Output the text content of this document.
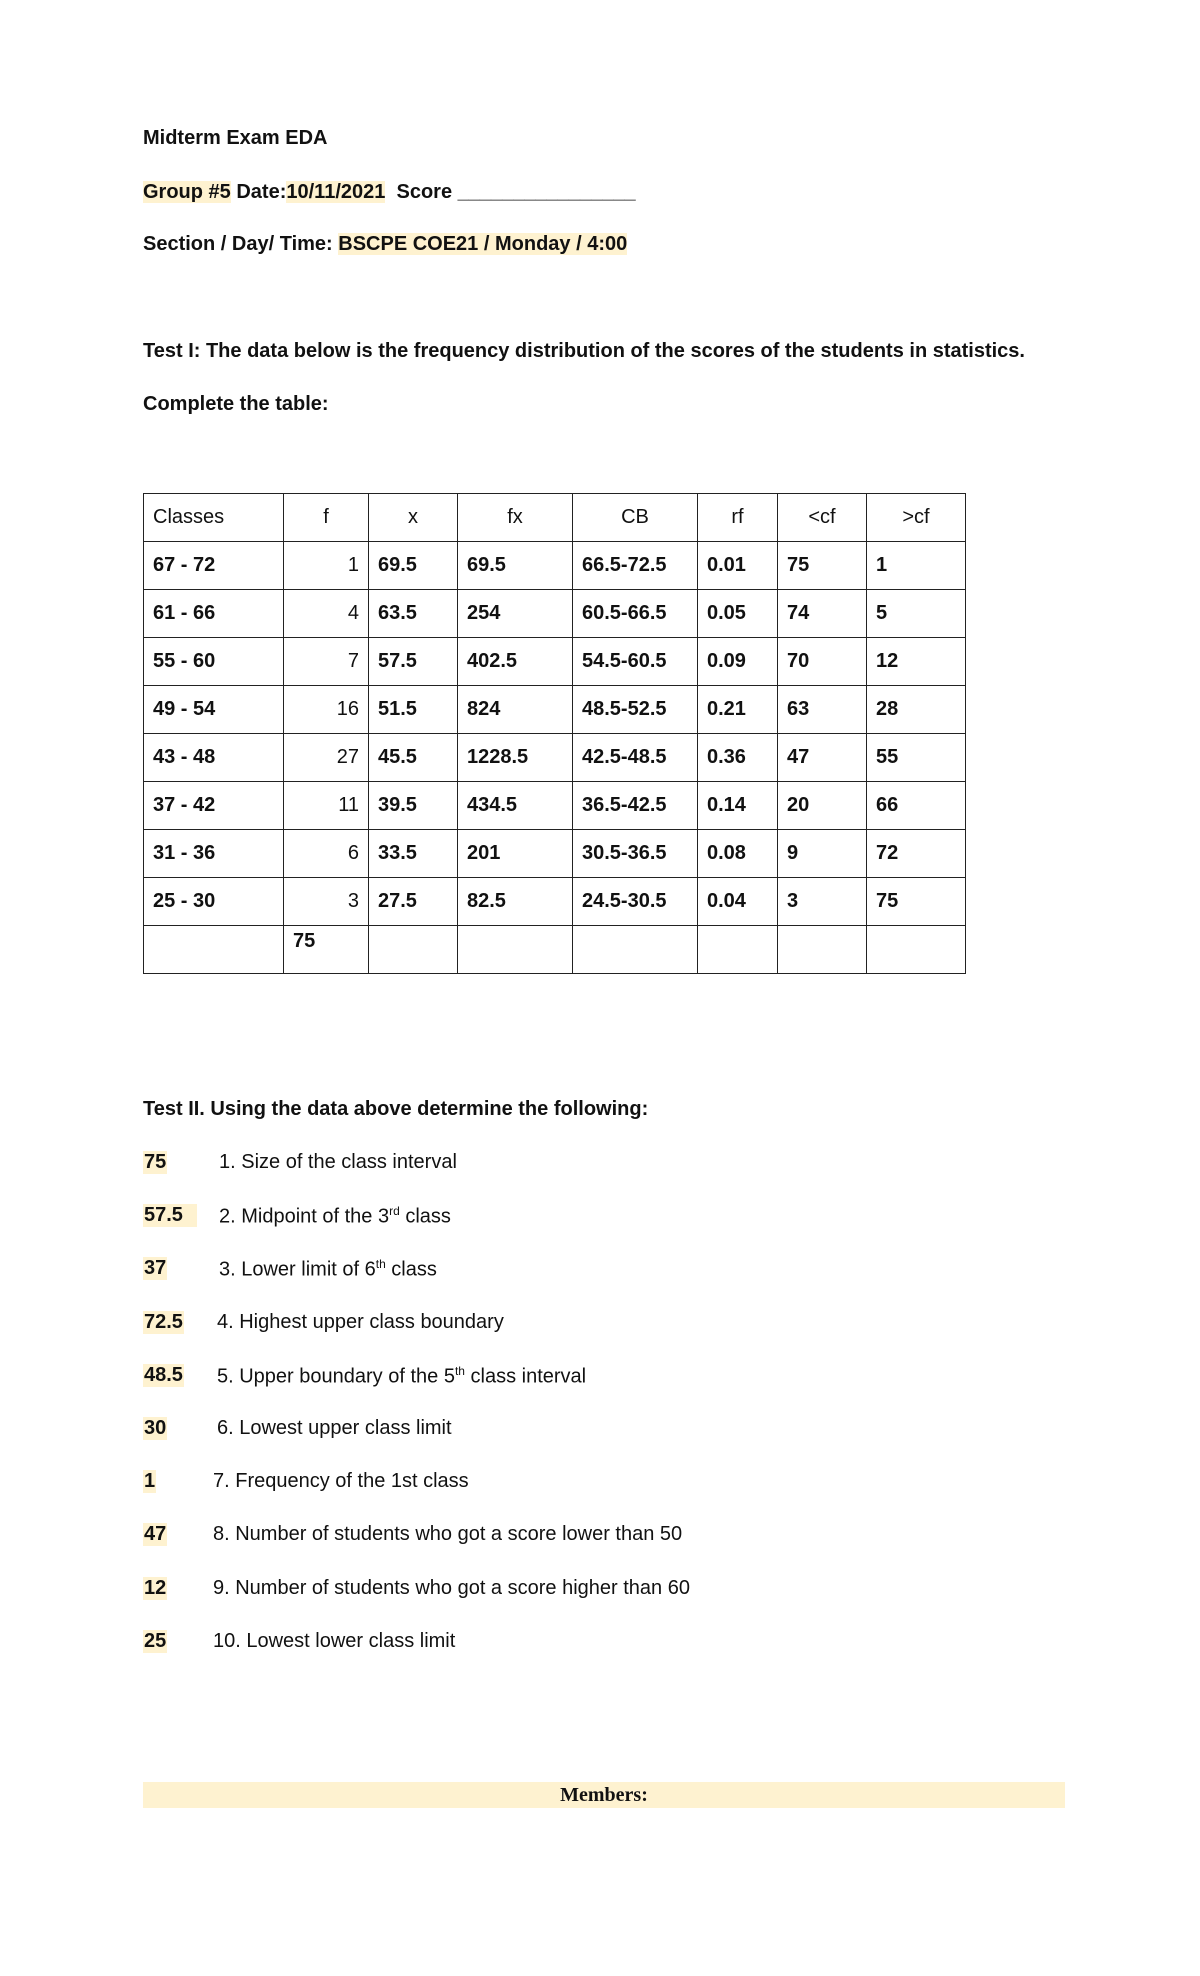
Midterm Exam EDA
Group #5 Date:10/11/2021 Score ________________
Section / Day/ Time: BSCPE COE21 / Monday / 4:00
Test I: The data below is the frequency distribution of the scores of the students in statistics.
Complete the table:
Classes	f	x	fx	CB	rf	<cf	>cf
67 - 72	1	69.5	69.5	66.5-72.5	0.01	75	1
61 - 66	4	63.5	254	60.5-66.5	0.05	74	5
55 - 60	7	57.5	402.5	54.5-60.5	0.09	70	12
49 - 54	16	51.5	824	48.5-52.5	0.21	63	28
43 - 48	27	45.5	1228.5	42.5-48.5	0.36	47	55
37 - 42	11	39.5	434.5	36.5-42.5	0.14	20	66
31 - 36	6	33.5	201	30.5-36.5	0.08	9	72
25 - 30	3	27.5	82.5	24.5-30.5	0.04	3	75
	75						
Test II. Using the data above determine the following:
75	1. Size of the class interval
57.5	2. Midpoint of the 3rd class
37	3. Lower limit of 6th class
72.5 4. Highest upper class boundary
48.5 5. Upper boundary of the 5th class interval
30	6. Lowest upper class limit
1	7. Frequency of the 1st class
47 8. Number of students who got a score lower than 50
12 9. Number of students who got a score higher than 60
25 10. Lowest lower class limit
Members:
